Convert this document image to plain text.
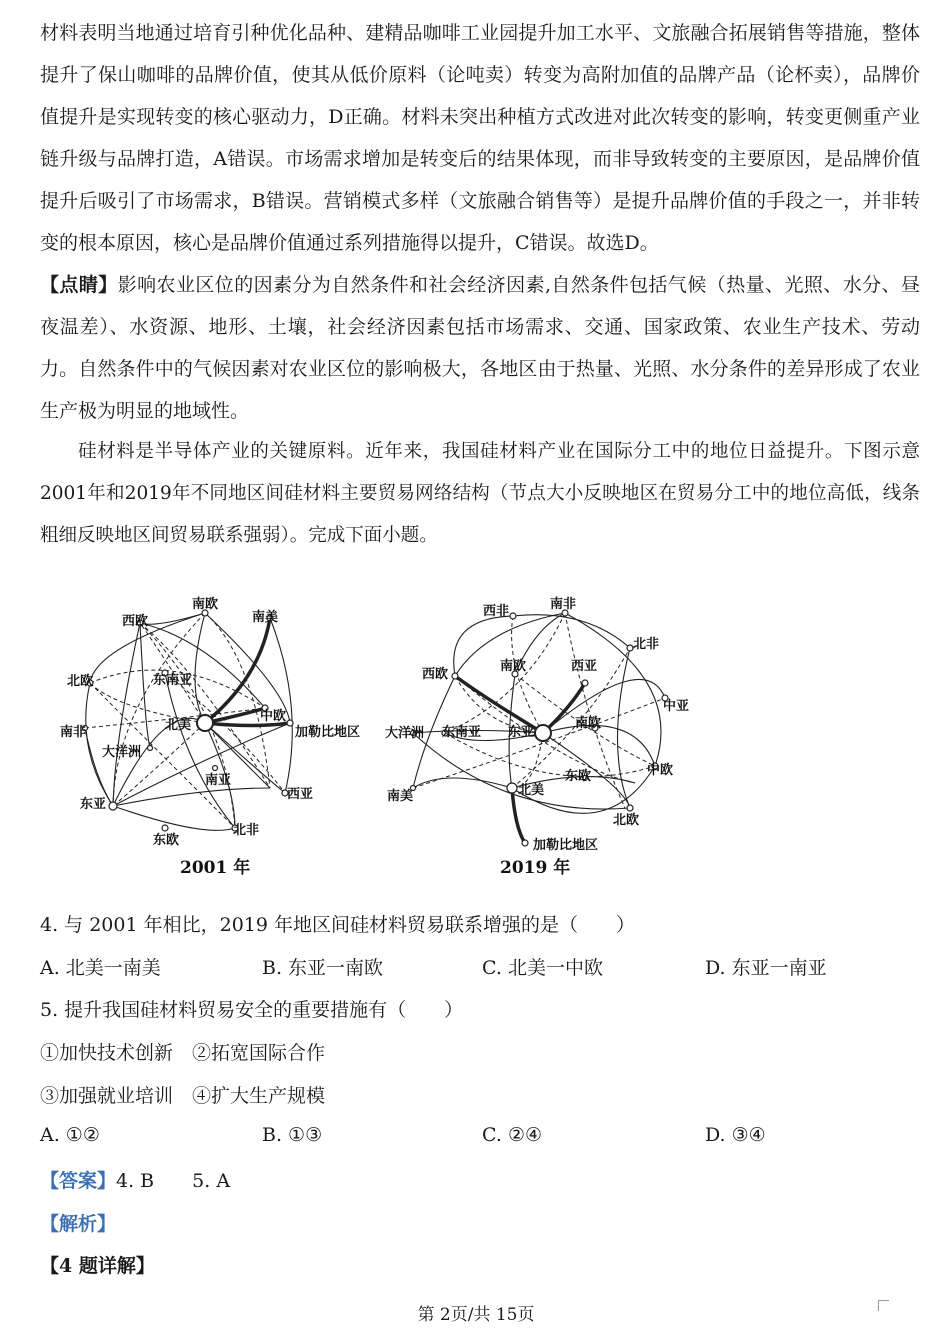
材料表明当地通过培育引种优化品种、建精品咖啡工业园提升加工水平、文旅融合拓展销售等措施，整体提升了保山咖啡的品牌价值，使其从低价原料（论吨卖）转变为高附加值的品牌产品（论杯卖），品牌价值提升是实现转变的核心驱动力，D正确。材料未突出种植方式改进对此次转变的影响，转变更侧重产业链升级与品牌打造，A错误。市场需求增加是转变后的结果体现，而非导致转变的主要原因，是品牌价值提升后吸引了市场需求，B错误。营销模式多样（文旅融合销售等）是提升品牌价值的手段之一，并非转变的根本原因，核心是品牌价值通过系列措施得以提升，C错误。故选D。

【点睛】影响农业区位的因素分为自然条件和社会经济因素,自然条件包括气候（热量、光照、水分、昼夜温差）、水资源、地形、土壤，社会经济因素包括市场需求、交通、国家政策、农业生产技术、劳动力。自然条件中的气候因素对农业区位的影响极大，各地区由于热量、光照、水分条件的差异形成了农业生产极为明显的地域性。

硅材料是半导体产业的关键原料。近年来，我国硅材料产业在国际分工中的地位日益提升。下图示意2001年和2019年不同地区间硅材料主要贸易网络结构（节点大小反映地区在贸易分工中的地位高低，线条粗细反映地区间贸易联系强弱）。完成下面小题。

南欧
南美
西欧
北欧	东南亚
北美
中欧
加勒比地区
南非
大洋洲
东亚
南亚
西亚
东欧
北非
2001 年
西非	南非
北非
西欧
南欧	西亚
中亚
大洋洲 东南亚 东亚
南欧
东欧	中欧
南美	北美
北欧
加勒比地区
2019 年
4. 与 2001 年相比，2019 年地区间硅材料贸易联系增强的是（　　）
A. 北美一南美	B. 东亚一南欧	C. 北美一中欧	D. 东亚一南亚
5. 提升我国硅材料贸易安全的重要措施有（　　）
①加快技术创新　②拓宽国际合作
③加强就业培训　④扩大生产规模
A. ①②	B. ①③	C. ②④	D. ③④
【答案】4. B　　5. A
【解析】
【4 题详解】
第 2页/共 15页
